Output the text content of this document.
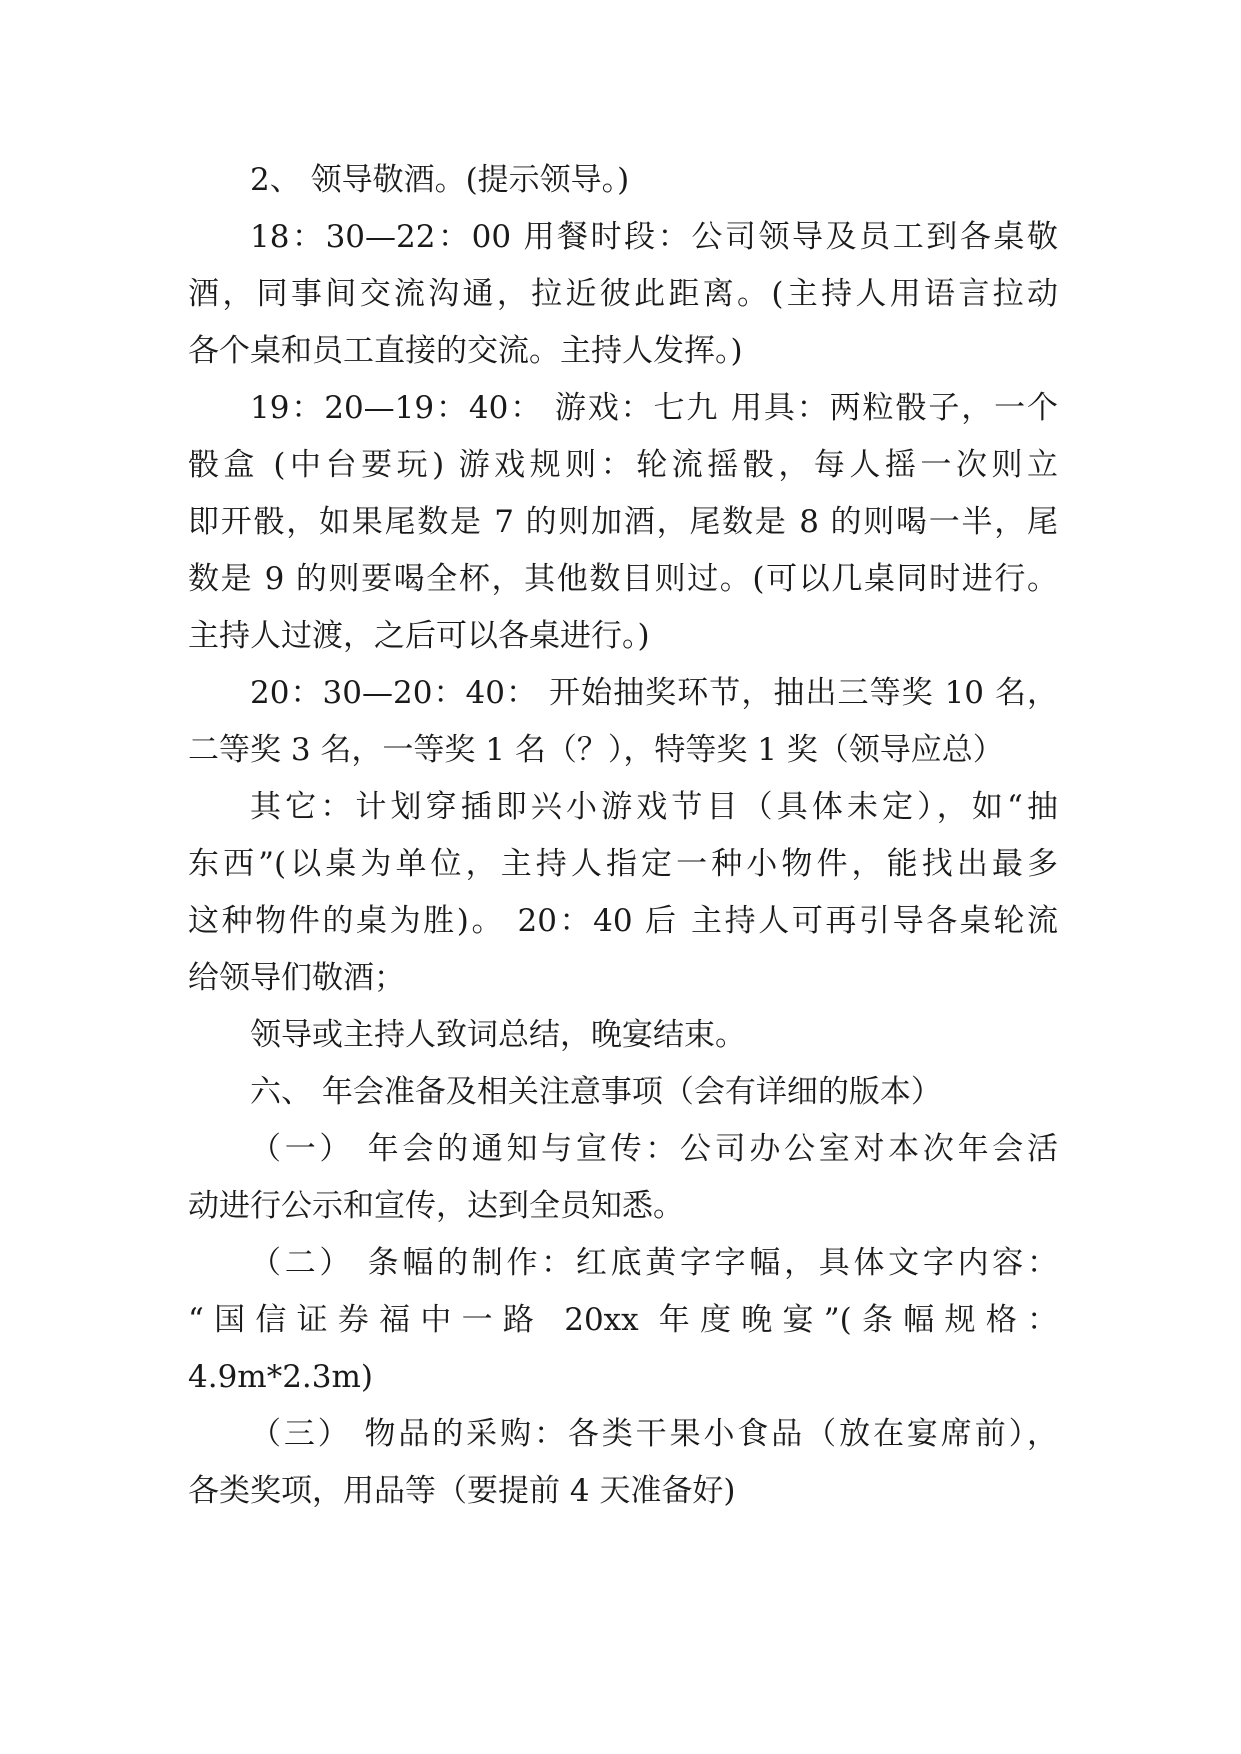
2、 领导敬酒。(提示领导。)
18：30—22：00 用餐时段：公司领导及员工到各桌敬
酒，同事间交流沟通，拉近彼此距离。(主持人用语言拉动
各个桌和员工直接的交流。主持人发挥。)
19：20—19：40： 游戏：七九 用具：两粒骰子，一个
骰盒 (中台要玩) 游戏规则：轮流摇骰，每人摇一次则立
即开骰，如果尾数是 7 的则加酒，尾数是 8 的则喝一半，尾
数是 9 的则要喝全杯，其他数目则过。(可以几桌同时进行。
主持人过渡，之后可以各桌进行。)
20：30—20：40： 开始抽奖环节，抽出三等奖 10 名，
二等奖 3 名，一等奖 1 名（？），特等奖 1 奖（领导应总）
其它：计划穿插即兴小游戏节目（具体未定），如“抽
东西”(以桌为单位，主持人指定一种小物件，能找出最多
这种物件的桌为胜)。 20：40 后 主持人可再引导各桌轮流
给领导们敬酒；
领导或主持人致词总结，晚宴结束。
六、 年会准备及相关注意事项（会有详细的版本）
（一） 年会的通知与宣传：公司办公室对本次年会活
动进行公示和宣传，达到全员知悉。
（二） 条幅的制作：红底黄字字幅，具体文字内容：
“国信证券福中一路 20xx 年度晚宴”(条幅规格：
4.9m*2.3m)
（三） 物品的采购：各类干果小食品（放在宴席前），
各类奖项，用品等（要提前 4 天准备好)
